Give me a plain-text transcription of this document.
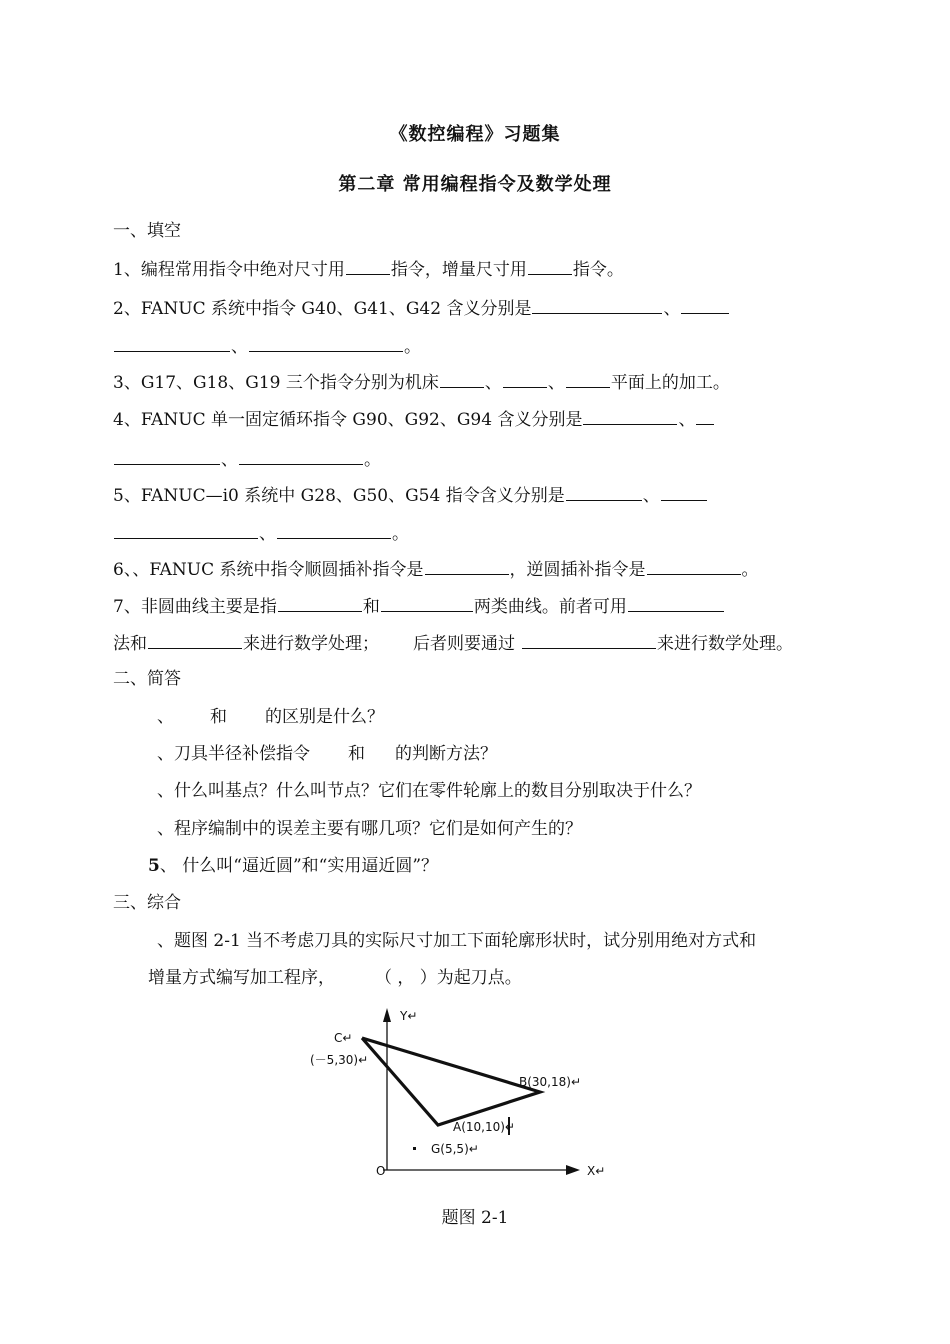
《数控编程》习题集
第二章 常用编程指令及数学处理
一、填空
1、编程常用指令中绝对尺寸用	指令，增量尺寸用	指令。
2、FANUC 系统中指令 G40、G41、G42 含义分别是	、
、	。
3、G17、G18、G19 三个指令分别为机床	、	、	平面上的加工。
4、FANUC 单一固定循环指令 G90、G92、G94 含义分别是	、
、	。
5、FANUC—i0 系统中 G28、G50、G54 指令含义分别是	、
、	。
6、、FANUC 系统中指令顺圆插补指令是	，逆圆插补指令是	。
7、非圆曲线主要是指	和	两类曲线。前者可用
法和	来进行数学处理； 后者则要通过	来进行数学处理。
二、简答
、 和 的区别是什么？
、刀具半径补偿指令 和 的判断方法？
、什么叫基点？什么叫节点？它们在零件轮廓上的数目分别取决于什么？
、程序编制中的误差主要有哪几项？它们是如何产生的？
5、 什么叫“逼近圆”和“实用逼近圆”？
三、综合
、题图 2-1 当不考虑刀具的实际尺寸加工下面轮廓形状时，试分别用绝对方式和
增量方式编写加工程序， （ ， ）为起刀点。
Y↵
X↵
O
C↵
(－5,30)↵
B(30,18)↵
A(10,10)↵
G(5,5)↵
题图 2-1
